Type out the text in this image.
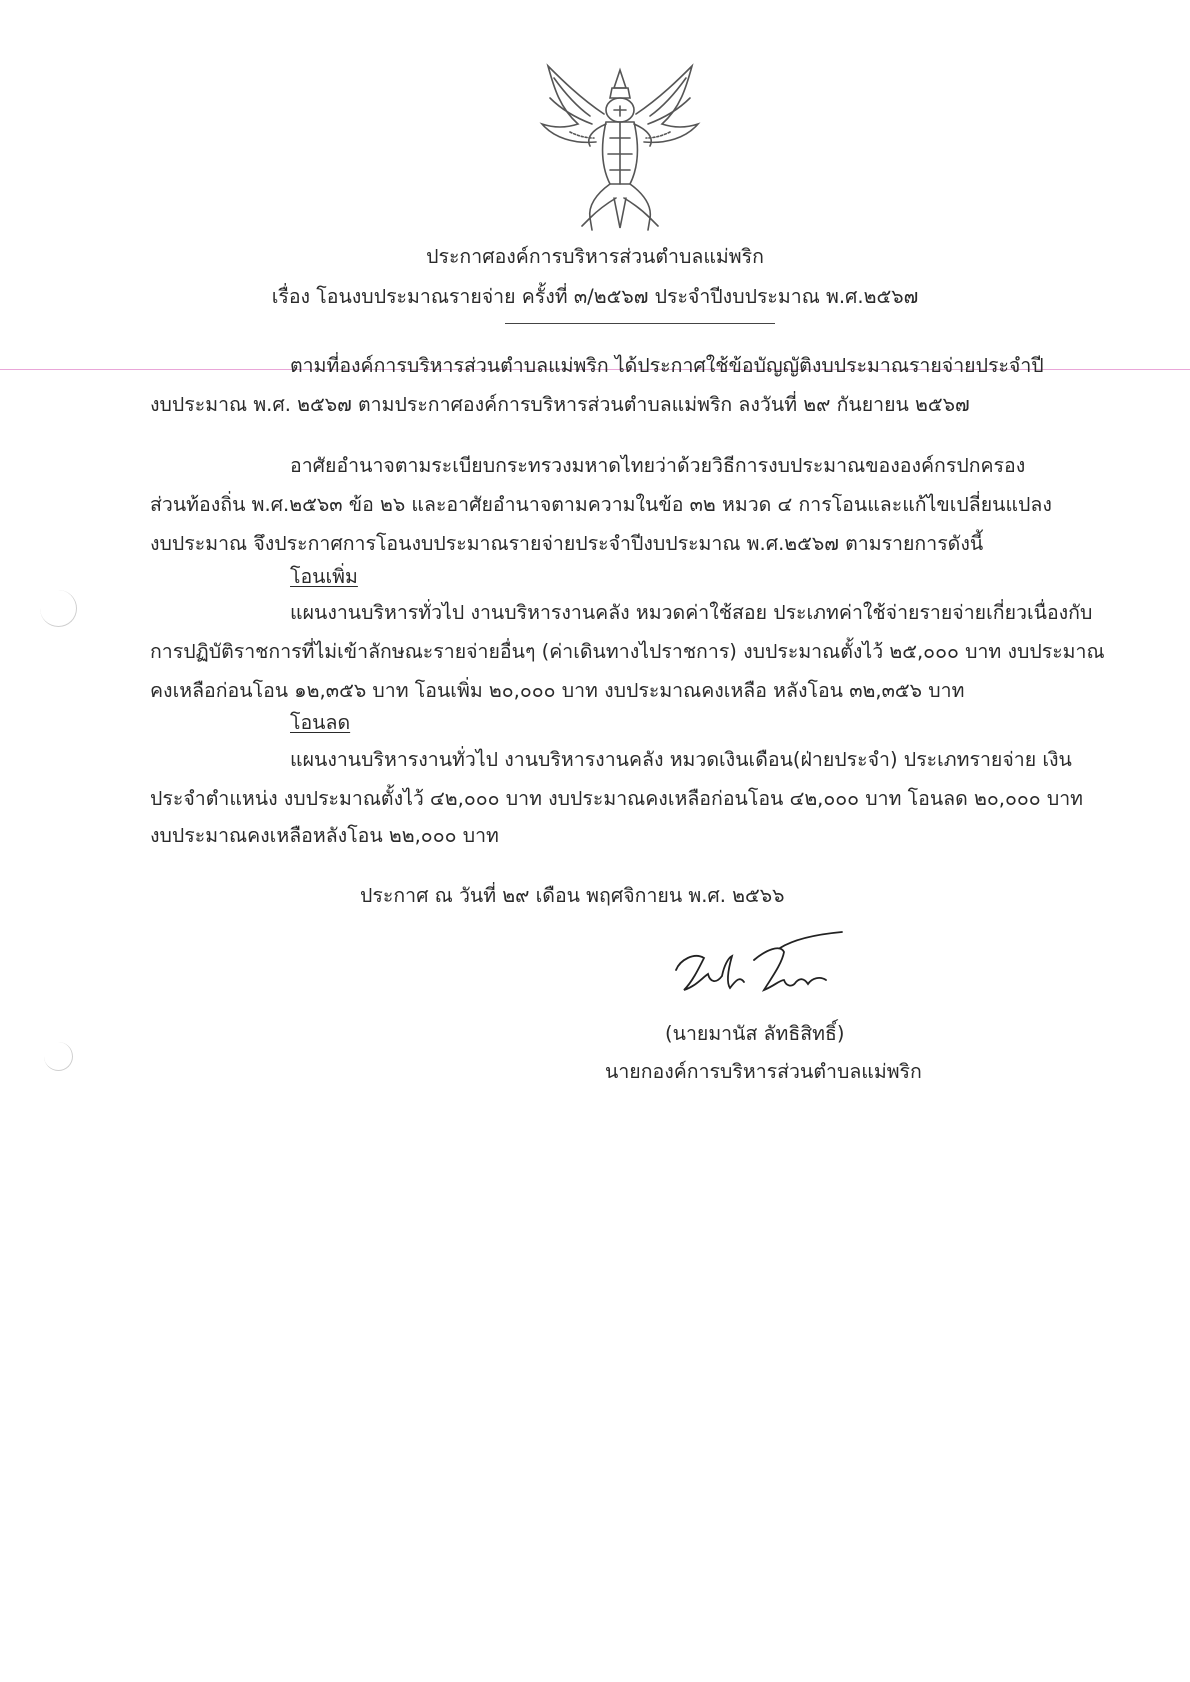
ประกาศองค์การบริหารส่วนตำบลแม่พริก
เรื่อง โอนงบประมาณรายจ่าย ครั้งที่ ๓/๒๕๖๗ ประจำปีงบประมาณ พ.ศ.๒๕๖๗
ตามที่องค์การบริหารส่วนตำบลแม่พริก ได้ประกาศใช้ข้อบัญญัติงบประมาณรายจ่ายประจำปี
งบประมาณ พ.ศ. ๒๕๖๗ ตามประกาศองค์การบริหารส่วนตำบลแม่พริก ลงวันที่ ๒๙ กันยายน ๒๕๖๗
อาศัยอำนาจตามระเบียบกระทรวงมหาดไทยว่าด้วยวิธีการงบประมาณขององค์กรปกครอง
ส่วนท้องถิ่น พ.ศ.๒๕๖๓ ข้อ ๒๖ และอาศัยอำนาจตามความในข้อ ๓๒ หมวด ๔ การโอนและแก้ไขเปลี่ยนแปลง
งบประมาณ จึงประกาศการโอนงบประมาณรายจ่ายประจำปีงบประมาณ พ.ศ.๒๕๖๗ ตามรายการดังนี้
โอนเพิ่ม
แผนงานบริหารทั่วไป งานบริหารงานคลัง หมวดค่าใช้สอย ประเภทค่าใช้จ่ายรายจ่ายเกี่ยวเนื่องกับ
การปฏิบัติราชการที่ไม่เข้าลักษณะรายจ่ายอื่นๆ (ค่าเดินทางไปราชการ) งบประมาณตั้งไว้ ๒๕,๐๐๐ บาท งบประมาณ
คงเหลือก่อนโอน ๑๒,๓๕๖ บาท โอนเพิ่ม ๒๐,๐๐๐ บาท งบประมาณคงเหลือ หลังโอน ๓๒,๓๕๖ บาท
โอนลด
แผนงานบริหารงานทั่วไป งานบริหารงานคลัง หมวดเงินเดือน(ฝ่ายประจำ) ประเภทรายจ่าย เงิน
ประจำตำแหน่ง งบประมาณตั้งไว้ ๔๒,๐๐๐ บาท งบประมาณคงเหลือก่อนโอน ๔๒,๐๐๐ บาท โอนลด ๒๐,๐๐๐ บาท
งบประมาณคงเหลือหลังโอน ๒๒,๐๐๐ บาท
ประกาศ ณ วันที่ ๒๙ เดือน พฤศจิกายน พ.ศ. ๒๕๖๖
(นายมานัส ลัทธิสิทธิ์)
นายกองค์การบริหารส่วนตำบลแม่พริก
